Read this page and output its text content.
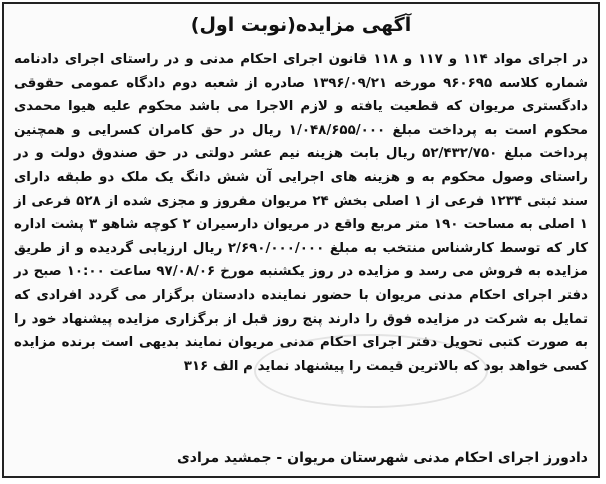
آگهی مزایده(نوبت اول)
در اجرای مواد ۱۱۴ و ۱۱۷ و ۱۱۸ قانون اجرای احکام مدنی و در راستای اجرای دادنامه شماره کلاسه ۹۶۰۶۹۵ مورخه ۱۳۹۶/۰۹/۲۱ صادره از شعبه دوم دادگاه عمومی حقوقی دادگستری مریوان که قطعیت یافته و لازم الاجرا می باشد محکوم علیه هیوا محمدی محکوم است به پرداخت مبلغ ۱/۰۴۸/۶۵۵/۰۰۰ ریال در حق کامران کسرایی و همچنین پرداخت مبلغ ۵۲/۴۳۲/۷۵۰ ریال بابت هزینه نیم عشر دولتی در حق صندوق دولت و در راستای وصول محکوم به و هزینه های اجرایی آن شش دانگ یک ملک دو طبقه دارای سند ثبتی ۱۲۳۴ فرعی از ۱ اصلی بخش ۲۴ مریوان مفروز و مجزی شده از ۵۲۸ فرعی از ۱ اصلی به مساحت ۱۹۰ متر مربع واقع در مریوان دارسیران ۲ کوچه شاهو ۳ پشت اداره کار که توسط کارشناس منتخب به مبلغ ۲/۶۹۰/۰۰۰/۰۰۰ ریال ارزیابی گردیده و از طریق مزایده به فروش می رسد و مزایده در روز یکشنبه مورخ ۹۷/۰۸/۰۶ ساعت ۱۰:۰۰ صبح در دفتر اجرای احکام مدنی مریوان با حضور نماینده دادستان برگزار می گردد افرادی که تمایل به شرکت در مزایده فوق را دارند پنج روز قبل از برگزاری مزایده پیشنهاد خود را به صورت کتبی تحویل دفتر اجرای احکام مدنی مریوان نمایند بدیهی است برنده مزایده کسی خواهد بود که بالاترین قیمت را پیشنهاد نماید م الف ۳۱۶
دادورز اجرای احکام مدنی شهرستان مریوان - جمشید مرادی
